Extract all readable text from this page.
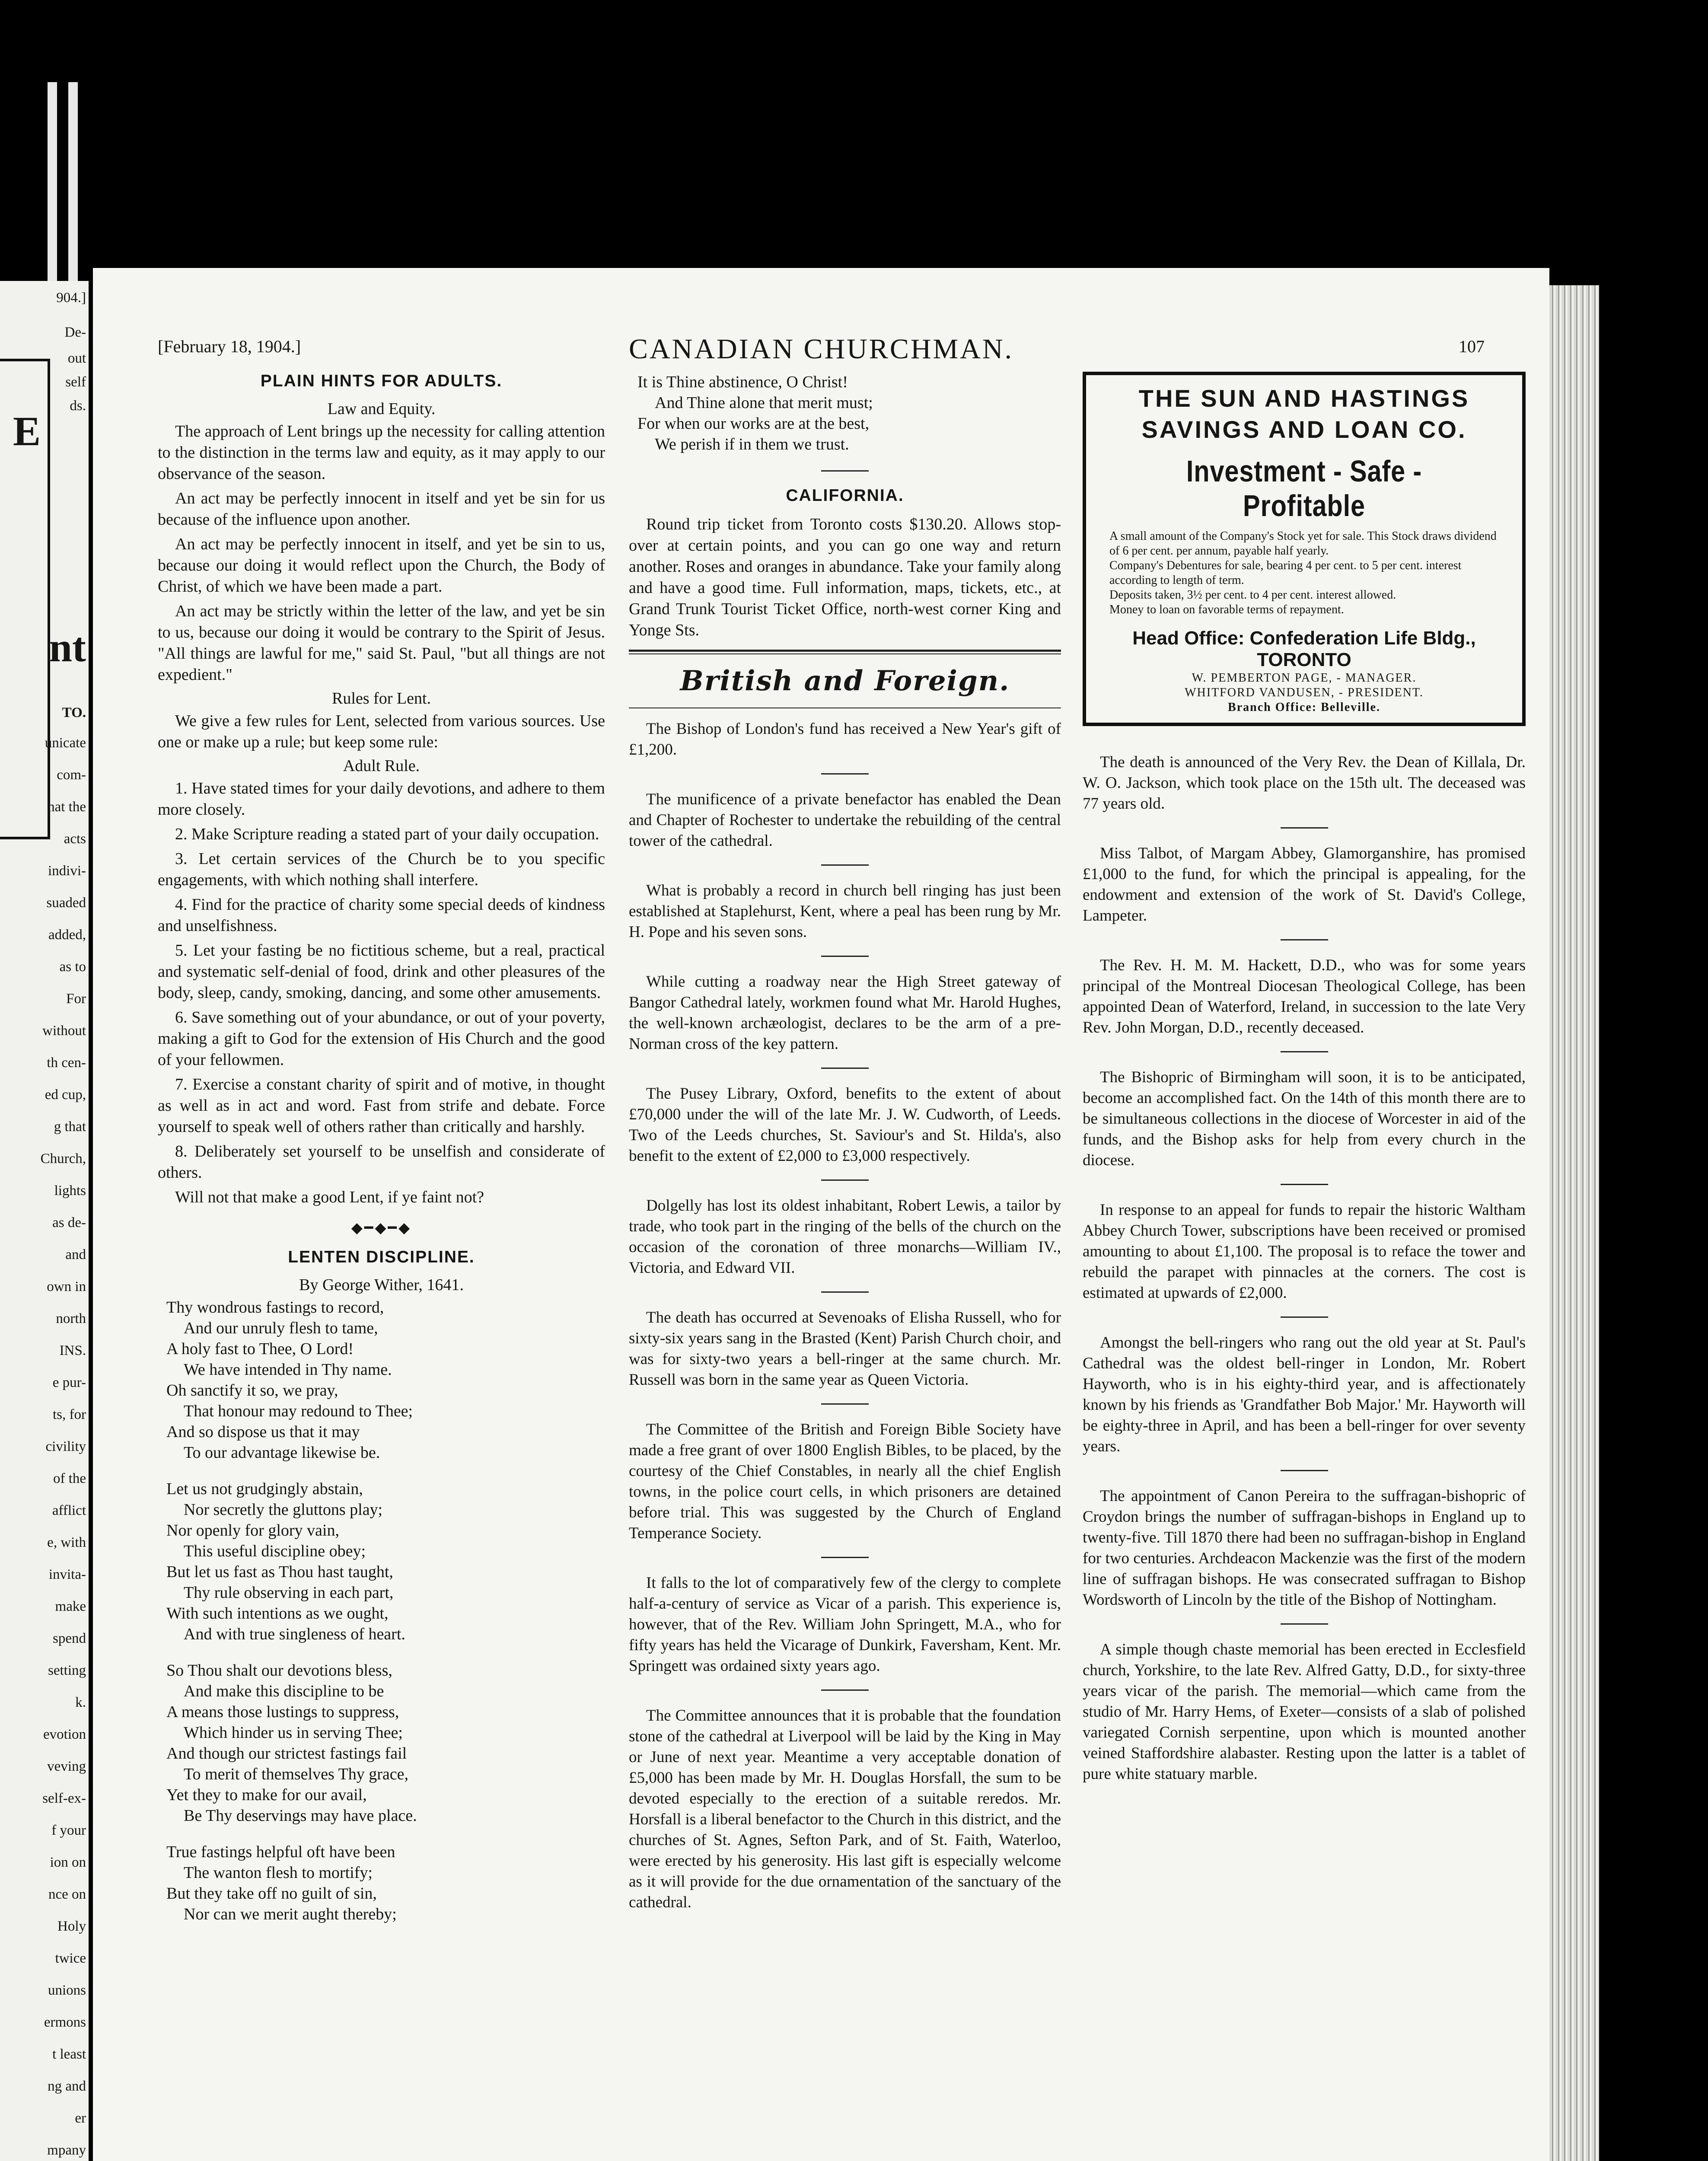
904.]
E
De-
out
self
ds.
nt
TO.
unicate
com-
hat the
acts
indivi-
suaded
added,
as to
For
without
th cen-
ed cup,
g that
Church,
lights
as de-
and
own in
north
INS.
e pur-
ts, for
civility
of the
afflict
e, with
invita-
make
spend
setting
k.
evotion
veving
self-ex-
f your
ion on
nce on
Holy
twice
unions
ermons
t least
ng and
er
mpany
[February 18, 1904.]	CANADIAN CHURCHMAN.	107
PLAIN HINTS FOR ADULTS.
Law and Equity.

The approach of Lent brings up the necessity for calling attention to the distinction in the terms law and equity, as it may apply to our observance of the season.

An act may be perfectly innocent in itself and yet be sin for us because of the influence upon another.

An act may be perfectly innocent in itself, and yet be sin to us, because our doing it would reflect upon the Church, the Body of Christ, of which we have been made a part.

An act may be strictly within the letter of the law, and yet be sin to us, because our doing it would be contrary to the Spirit of Jesus. "All things are lawful for me," said St. Paul, "but all things are not expedient."

Rules for Lent.

We give a few rules for Lent, selected from various sources. Use one or make up a rule; but keep some rule:

Adult Rule.

1. Have stated times for your daily devotions, and adhere to them more closely.

2. Make Scripture reading a stated part of your daily occupation.

3. Let certain services of the Church be to you specific engagements, with which nothing shall interfere.

4. Find for the practice of charity some special deeds of kindness and unselfishness.

5. Let your fasting be no fictitious scheme, but a real, practical and systematic self-denial of food, drink and other pleasures of the body, sleep, candy, smoking, dancing, and some other amusements.

6. Save something out of your abundance, or out of your poverty, making a gift to God for the extension of His Church and the good of your fellowmen.

7. Exercise a constant charity of spirit and of motive, in thought as well as in act and word. Fast from strife and debate. Force yourself to speak well of others rather than critically and harshly.

8. Deliberately set yourself to be unselfish and considerate of others.

Will not that make a good Lent, if ye faint not?

◆━◆━◆
LENTEN DISCIPLINE.
By George Wither, 1641.
Thy wondrous fastings to record,
And our unruly flesh to tame,
A holy fast to Thee, O Lord!
We have intended in Thy name.
Oh sanctify it so, we pray,
That honour may redound to Thee;
And so dispose us that it may
To our advantage likewise be.
Let us not grudgingly abstain,
Nor secretly the gluttons play;
Nor openly for glory vain,
This useful discipline obey;
But let us fast as Thou hast taught,
Thy rule observing in each part,
With such intentions as we ought,
And with true singleness of heart.
So Thou shalt our devotions bless,
And make this discipline to be
A means those lustings to suppress,
Which hinder us in serving Thee;
And though our strictest fastings fail
To merit of themselves Thy grace,
Yet they to make for our avail,
Be Thy deservings may have place.
True fastings helpful oft have been
The wanton flesh to mortify;
But they take off no guilt of sin,
Nor can we merit aught thereby;
It is Thine abstinence, O Christ!
And Thine alone that merit must;
For when our works are at the best,
We perish if in them we trust.
CALIFORNIA.

Round trip ticket from Toronto costs $130.20. Allows stop-over at certain points, and you can go one way and return another. Roses and oranges in abundance. Take your family along and have a good time. Full information, maps, tickets, etc., at Grand Trunk Tourist Ticket Office, north-west corner King and Yonge Sts.

British and Foreign.

The Bishop of London's fund has received a New Year's gift of £1,200.

The munificence of a private benefactor has enabled the Dean and Chapter of Rochester to undertake the rebuilding of the central tower of the cathedral.

What is probably a record in church bell ringing has just been established at Staplehurst, Kent, where a peal has been rung by Mr. H. Pope and his seven sons.

While cutting a roadway near the High Street gateway of Bangor Cathedral lately, workmen found what Mr. Harold Hughes, the well-known archæologist, declares to be the arm of a pre-Norman cross of the key pattern.

The Pusey Library, Oxford, benefits to the extent of about £70,000 under the will of the late Mr. J. W. Cudworth, of Leeds. Two of the Leeds churches, St. Saviour's and St. Hilda's, also benefit to the extent of £2,000 to £3,000 respectively.

Dolgelly has lost its oldest inhabitant, Robert Lewis, a tailor by trade, who took part in the ringing of the bells of the church on the occasion of the coronation of three monarchs—William IV., Victoria, and Edward VII.

The death has occurred at Sevenoaks of Elisha Russell, who for sixty-six years sang in the Brasted (Kent) Parish Church choir, and was for sixty-two years a bell-ringer at the same church. Mr. Russell was born in the same year as Queen Victoria.

The Committee of the British and Foreign Bible Society have made a free grant of over 1800 English Bibles, to be placed, by the courtesy of the Chief Constables, in nearly all the chief English towns, in the police court cells, in which prisoners are detained before trial. This was suggested by the Church of England Temperance Society.

It falls to the lot of comparatively few of the clergy to complete half-a-century of service as Vicar of a parish. This experience is, however, that of the Rev. William John Springett, M.A., who for fifty years has held the Vicarage of Dunkirk, Faversham, Kent. Mr. Springett was ordained sixty years ago.

The Committee announces that it is probable that the foundation stone of the cathedral at Liverpool will be laid by the King in May or June of next year. Meantime a very acceptable donation of £5,000 has been made by Mr. H. Douglas Horsfall, the sum to be devoted especially to the erection of a suitable reredos. Mr. Horsfall is a liberal benefactor to the Church in this district, and the churches of St. Agnes, Sefton Park, and of St. Faith, Waterloo, were erected by his generosity. His last gift is especially welcome as it will provide for the due ornamentation of the sanctuary of the cathedral.

THE SUN AND HASTINGS
SAVINGS AND LOAN CO.
Investment - Safe - Profitable
A small amount of the Company's Stock yet for sale. This Stock draws dividend of 6 per cent. per annum, payable half yearly.
Company's Debentures for sale, bearing 4 per cent. to 5 per cent. interest according to length of term.
Deposits taken, 3½ per cent. to 4 per cent. interest allowed.
Money to loan on favorable terms of repayment.
Head Office: Confederation Life Bldg., TORONTO
W. PEMBERTON PAGE, - MANAGER.
WHITFORD VANDUSEN, - PRESIDENT.
Branch Office: Belleville.

The death is announced of the Very Rev. the Dean of Killala, Dr. W. O. Jackson, which took place on the 15th ult. The deceased was 77 years old.

Miss Talbot, of Margam Abbey, Glamorganshire, has promised £1,000 to the fund, for which the principal is appealing, for the endowment and extension of the work of St. David's College, Lampeter.

The Rev. H. M. M. Hackett, D.D., who was for some years principal of the Montreal Diocesan Theological College, has been appointed Dean of Waterford, Ireland, in succession to the late Very Rev. John Morgan, D.D., recently deceased.

The Bishopric of Birmingham will soon, it is to be anticipated, become an accomplished fact. On the 14th of this month there are to be simultaneous collections in the diocese of Worcester in aid of the funds, and the Bishop asks for help from every church in the diocese.

In response to an appeal for funds to repair the historic Waltham Abbey Church Tower, subscriptions have been received or promised amounting to about £1,100. The proposal is to reface the tower and rebuild the parapet with pinnacles at the corners. The cost is estimated at upwards of £2,000.

Amongst the bell-ringers who rang out the old year at St. Paul's Cathedral was the oldest bell-ringer in London, Mr. Robert Hayworth, who is in his eighty-third year, and is affectionately known by his friends as 'Grandfather Bob Major.' Mr. Hayworth will be eighty-three in April, and has been a bell-ringer for over seventy years.

The appointment of Canon Pereira to the suffragan-bishopric of Croydon brings the number of suffragan-bishops in England up to twenty-five. Till 1870 there had been no suffragan-bishop in England for two centuries. Archdeacon Mackenzie was the first of the modern line of suffragan bishops. He was consecrated suffragan to Bishop Wordsworth of Lincoln by the title of the Bishop of Nottingham.

A simple though chaste memorial has been erected in Ecclesfield church, Yorkshire, to the late Rev. Alfred Gatty, D.D., for sixty-three years vicar of the parish. The memorial—which came from the studio of Mr. Harry Hems, of Exeter—consists of a slab of polished variegated Cornish serpentine, upon which is mounted another veined Staffordshire alabaster. Resting upon the latter is a tablet of pure white statuary marble.
